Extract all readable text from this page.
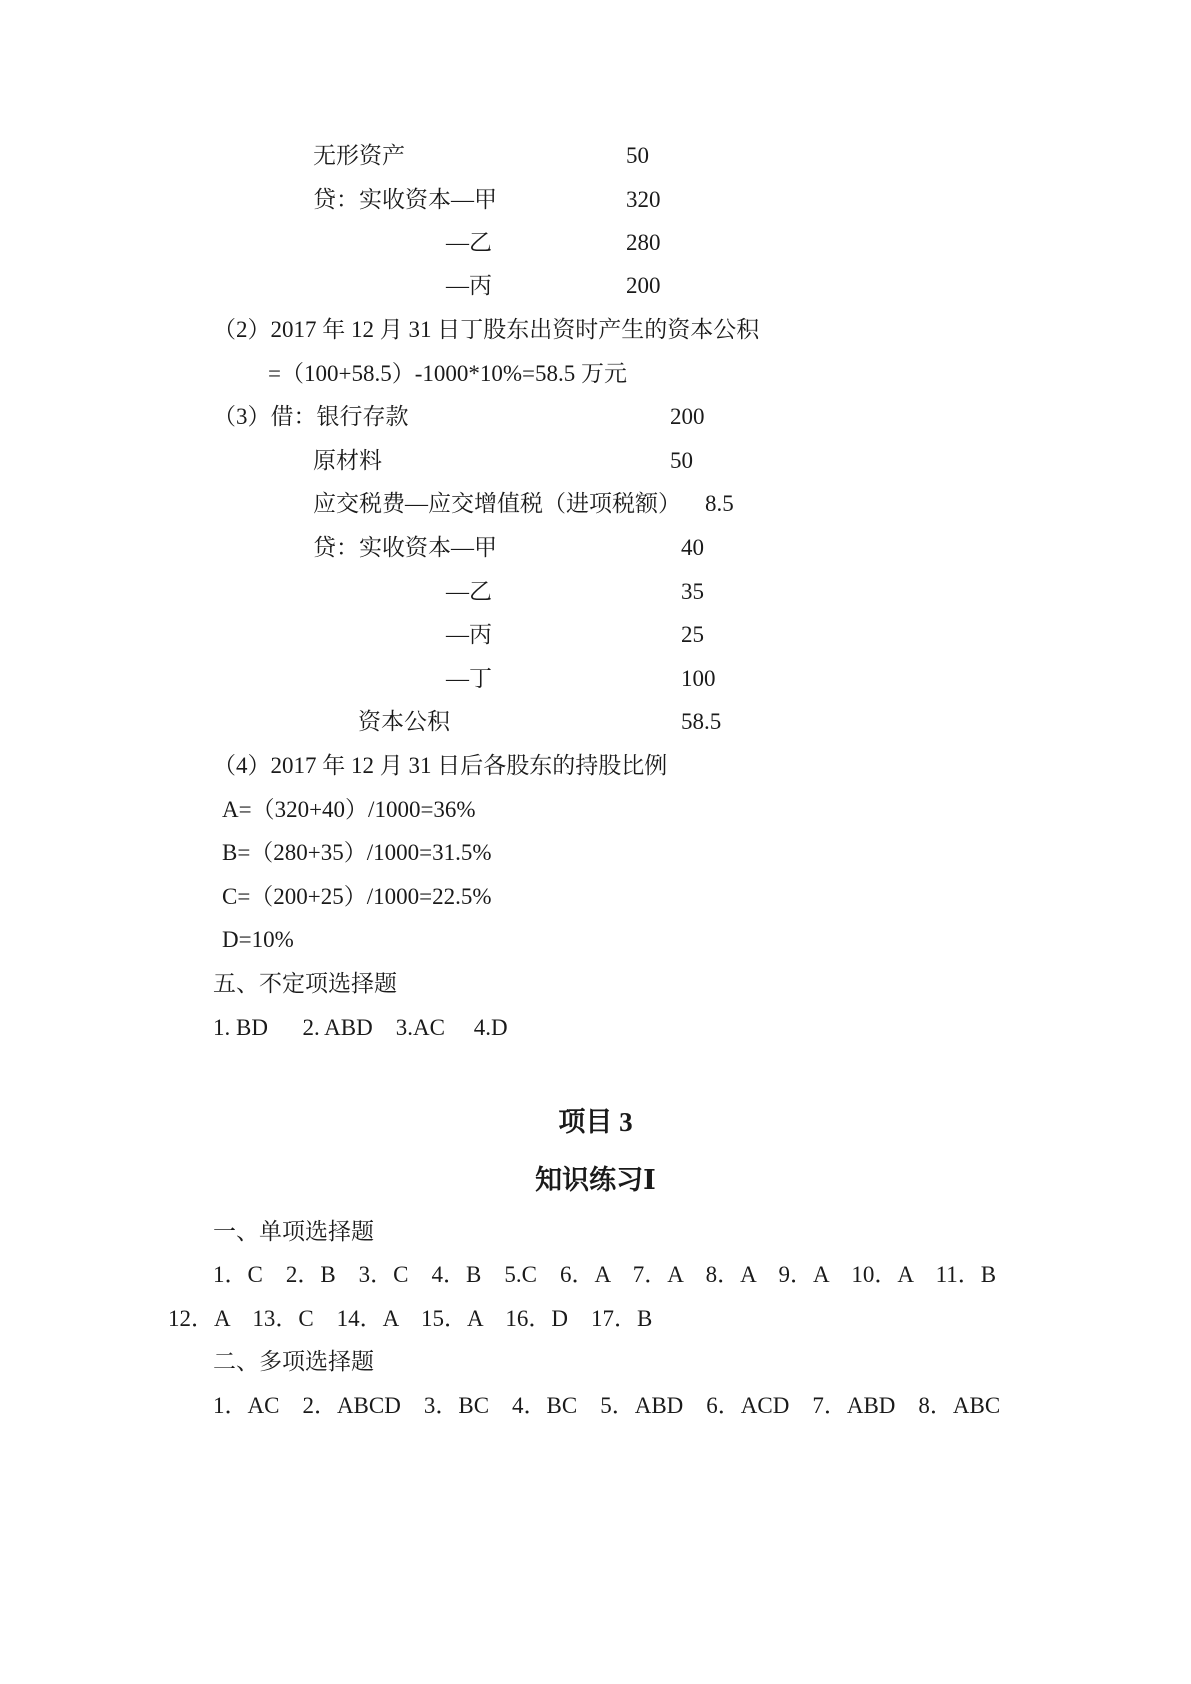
无形资产	50
贷：实收资本—甲	320
—乙	280
—丙	200
（2）2017 年 12 月 31 日丁股东出资时产生的资本公积
=（100+58.5）-1000*10%=58.5 万元
（3）借：银行存款	200
原材料	50
应交税费—应交增值税（进项税额） 8.5
贷：实收资本—甲	40
—乙	35
—丙	25
—丁	100
资本公积	58.5
（4）2017 年 12 月 31 日后各股东的持股比例
A=（320+40）/1000=36%
B=（280+35）/1000=31.5%
C=（200+25）/1000=22.5%
D=10%
五、不定项选择题
1. BD      2. ABD    3.AC     4.D
项目 3
知识练习Ⅰ
一、单项选择题
1．C    2．B    3．C    4．B    5.C    6．A    7．A    8．A    9．A    10．A    11．B
12．A    13．C    14．A    15．A    16．D    17．B
二、多项选择题
1．AC    2．ABCD    3．BC    4．BC    5．ABD    6．ACD    7．ABD    8．ABC
